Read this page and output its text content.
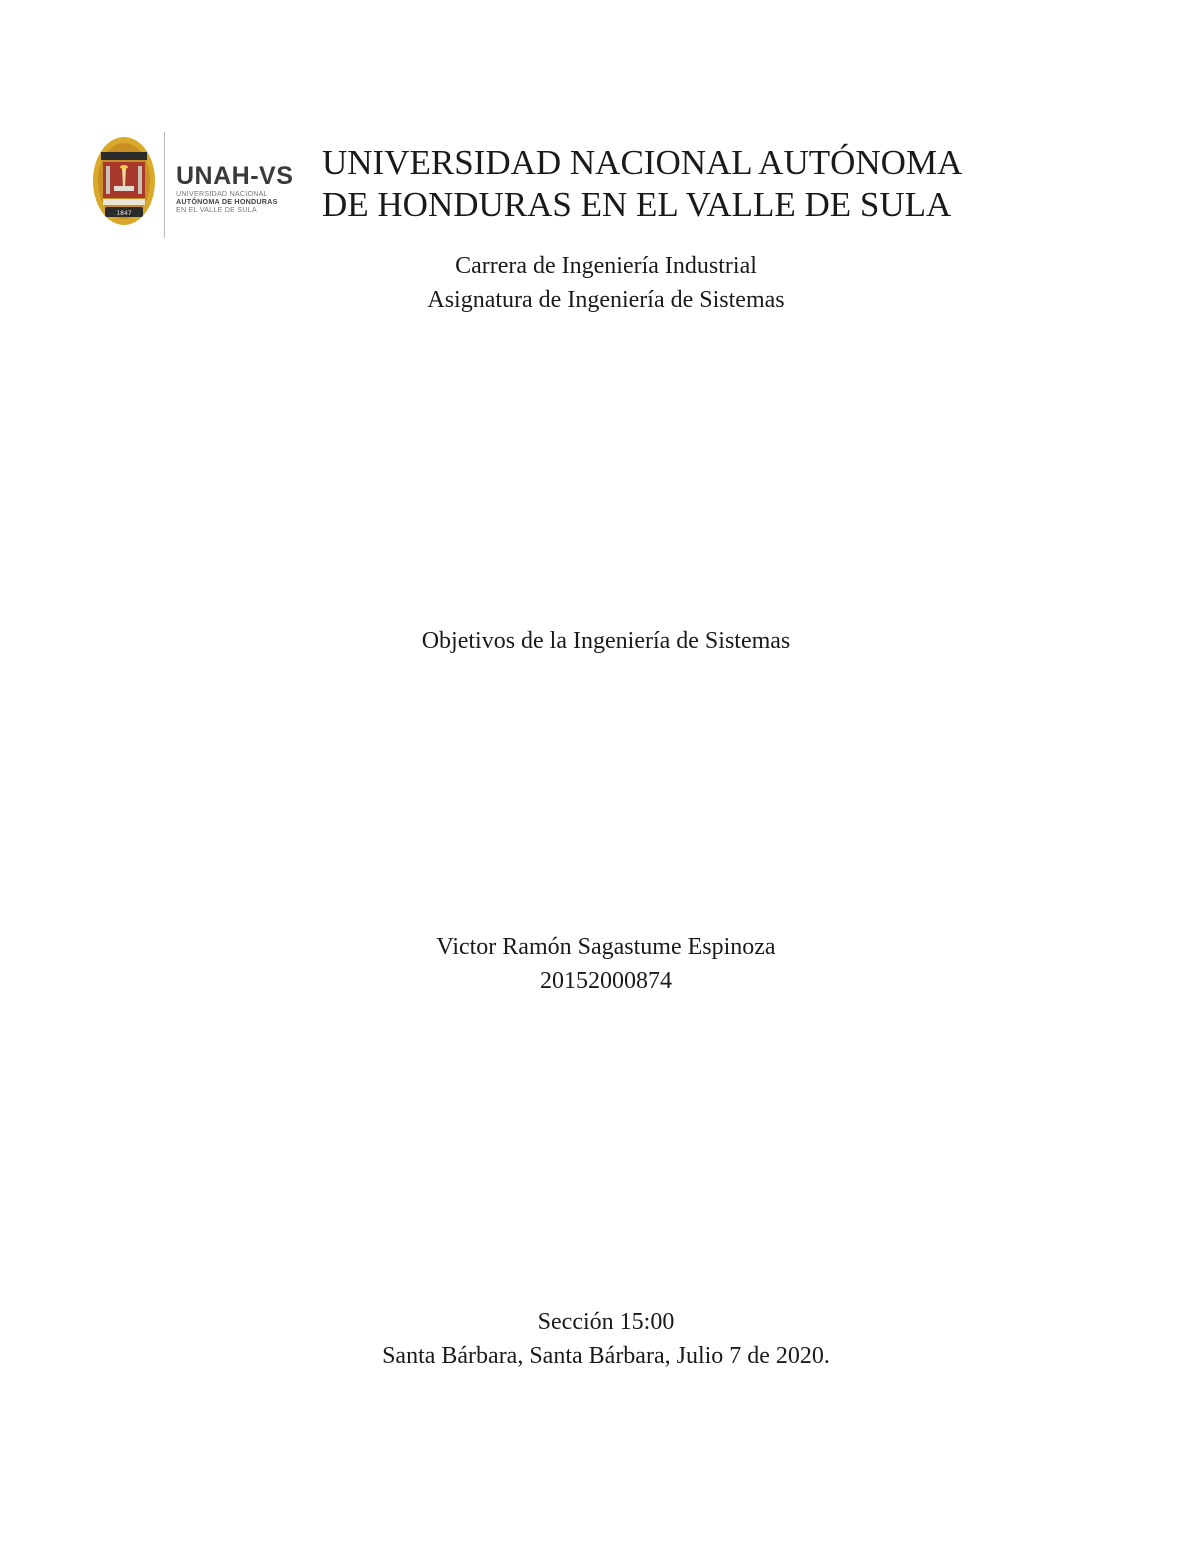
1847
UNAH-VS
UNIVERSIDAD NACIONAL
AUTÓNOMA DE HONDURAS
EN EL VALLE DE SULA
UNIVERSIDAD NACIONAL AUTÓNOMA
DE HONDURAS EN EL VALLE DE SULA
Carrera de Ingeniería Industrial
Asignatura de Ingeniería de Sistemas
Objetivos de la Ingeniería de Sistemas
Victor Ramón Sagastume Espinoza
20152000874
Sección 15:00
Santa Bárbara, Santa Bárbara, Julio 7 de 2020.
